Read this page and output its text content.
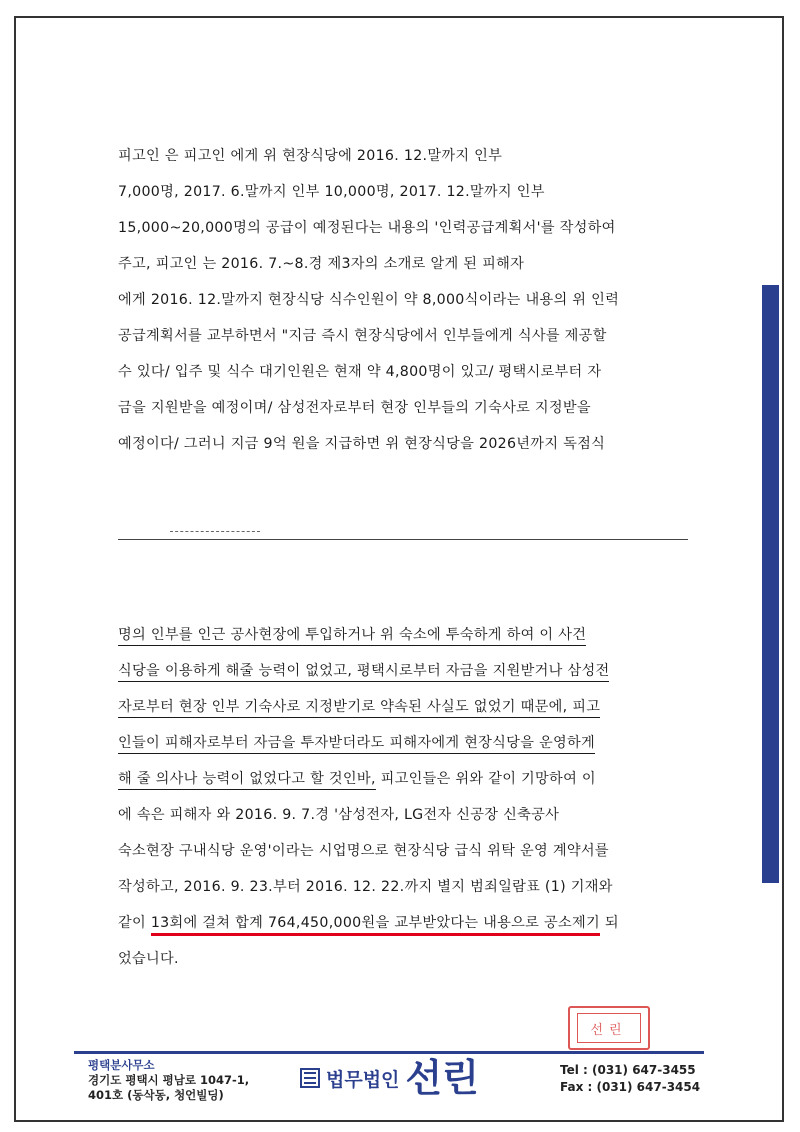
피고인 은 피고인 에게 위 현장식당에 2016. 12.말까지 인부
7,000명, 2017. 6.말까지 인부 10,000명, 2017. 12.말까지 인부
15,000~20,000명의 공급이 예정된다는 내용의 '인력공급계획서'를 작성하여
주고, 피고인 는 2016. 7.~8.경 제3자의 소개로 알게 된 피해자
에게 2016. 12.말까지 현장식당 식수인원이 약 8,000식이라는 내용의 위 인력
공급계획서를 교부하면서 "지금 즉시 현장식당에서 인부들에게 식사를 제공할
수 있다/ 입주 및 식수 대기인원은 현재 약 4,800명이 있고/ 평택시로부터 자
금을 지원받을 예정이며/ 삼성전자로부터 현장 인부들의 기숙사로 지정받을
예정이다/ 그러니 지금 9억 원을 지급하면 위 현장식당을 2026년까지 독점식
명의 인부를 인근 공사현장에 투입하거나 위 숙소에 투숙하게 하여 이 사건
식당을 이용하게 해줄 능력이 없었고, 평택시로부터 자금을 지원받거나 삼성전
자로부터 현장 인부 기숙사로 지정받기로 약속된 사실도 없었기 때문에, 피고
인들이 피해자로부터 자금을 투자받더라도 피해자에게 현장식당을 운영하게
해 줄 의사나 능력이 없었다고 할 것인바, 피고인들은 위와 같이 기망하여 이
에 속은 피해자 와 2016. 9. 7.경 '삼성전자, LG전자 신공장 신축공사
숙소현장 구내식당 운영'이라는 시업명으로 현장식당 급식 위탁 운영 계약서를
작성하고, 2016. 9. 23.부터 2016. 12. 22.까지 별지 범죄일람표 (1) 기재와
같이 13회에 걸쳐 합계 764,450,000원을 교부받았다는 내용으로 공소제기 되
었습니다.
선린
평택분사무소
경기도 평택시 평남로 1047-1,
401호 (동삭동, 청언빌딩)
법무법인 선린	Tel : (031) 647-3455
Fax : (031) 647-3454
